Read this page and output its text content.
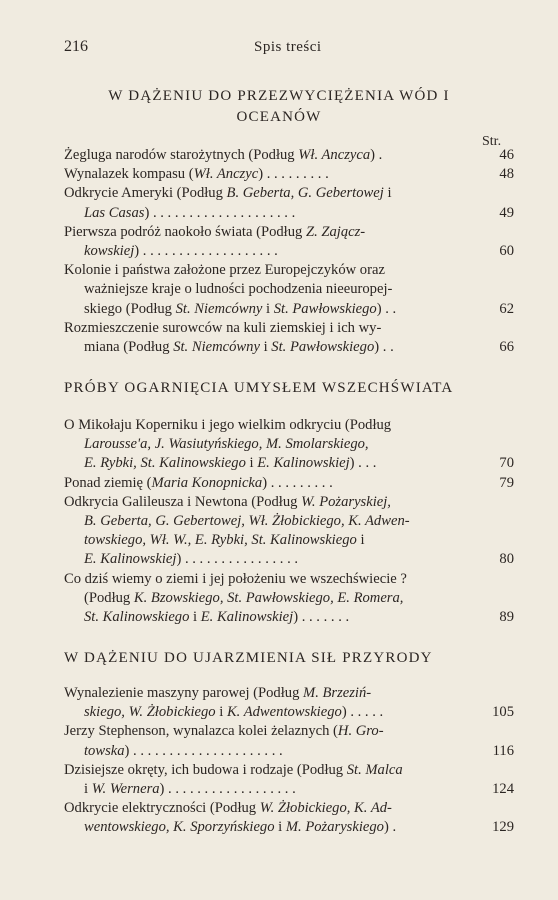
216	Spis treści
W DĄŻENIU DO PRZEZWYCIĘŻENIA WÓD I
OCEANÓW
Str.
Żegluga narodów starożytnych (Podług Wł. Anczyca) .	46
Wynalazek kompasu (Wł. Anczyc) . . . . . . . . .	48
Odkrycie Ameryki (Podług B. Geberta, G. Gebertowej i
Las Casas) . . . . . . . . . . . . . . . . . . . .	49
Pierwsza podróż naokoło świata (Podług Z. Zającz-
kowskiej) . . . . . . . . . . . . . . . . . . .	60
Kolonie i państwa założone przez Europejczyków oraz
ważniejsze kraje o ludności pochodzenia nieeuropej-
skiego (Podług St. Niemcówny i St. Pawłowskiego) . .	62
Rozmieszczenie surowców na kuli ziemskiej i ich wy-
miana (Podług St. Niemcówny i St. Pawłowskiego) . .	66
PRÓBY OGARNIĘCIA UMYSŁEM WSZECHŚWIATA
O Mikołaju Koperniku i jego wielkim odkryciu (Podług
Larousse'a, J. Wasiutyńskiego, M. Smolarskiego,
E. Rybki, St. Kalinowskiego i E. Kalinowskiej) . . .	70
Ponad ziemię (Maria Konopnicka) . . . . . . . . .	79
Odkrycia Galileusza i Newtona (Podług W. Pożaryskiej,
B. Geberta, G. Gebertowej, Wł. Żłobickiego, K. Adwen-
towskiego, Wł. W., E. Rybki, St. Kalinowskiego i
E. Kalinowskiej) . . . . . . . . . . . . . . . .	80
Co dziś wiemy o ziemi i jej położeniu we wszechświecie ?
(Podług K. Bzowskiego, St. Pawłowskiego, E. Romera,
St. Kalinowskiego i E. Kalinowskiej) . . . . . . .	89
W DĄŻENIU DO UJARZMIENIA SIŁ PRZYRODY
Wynalezienie maszyny parowej (Podług M. Brzeziń-
skiego, W. Żłobickiego i K. Adwentowskiego) . . . . .	105
Jerzy Stephenson, wynalazca kolei żelaznych (H. Gro-
towska) . . . . . . . . . . . . . . . . . . . . .	116
Dzisiejsze okręty, ich budowa i rodzaje (Podług St. Malca
i W. Wernera) . . . . . . . . . . . . . . . . . .	124
Odkrycie elektryczności (Podług W. Żłobickiego, K. Ad-
wentowskiego, K. Sporzyńskiego i M. Pożaryskiego) .	129
